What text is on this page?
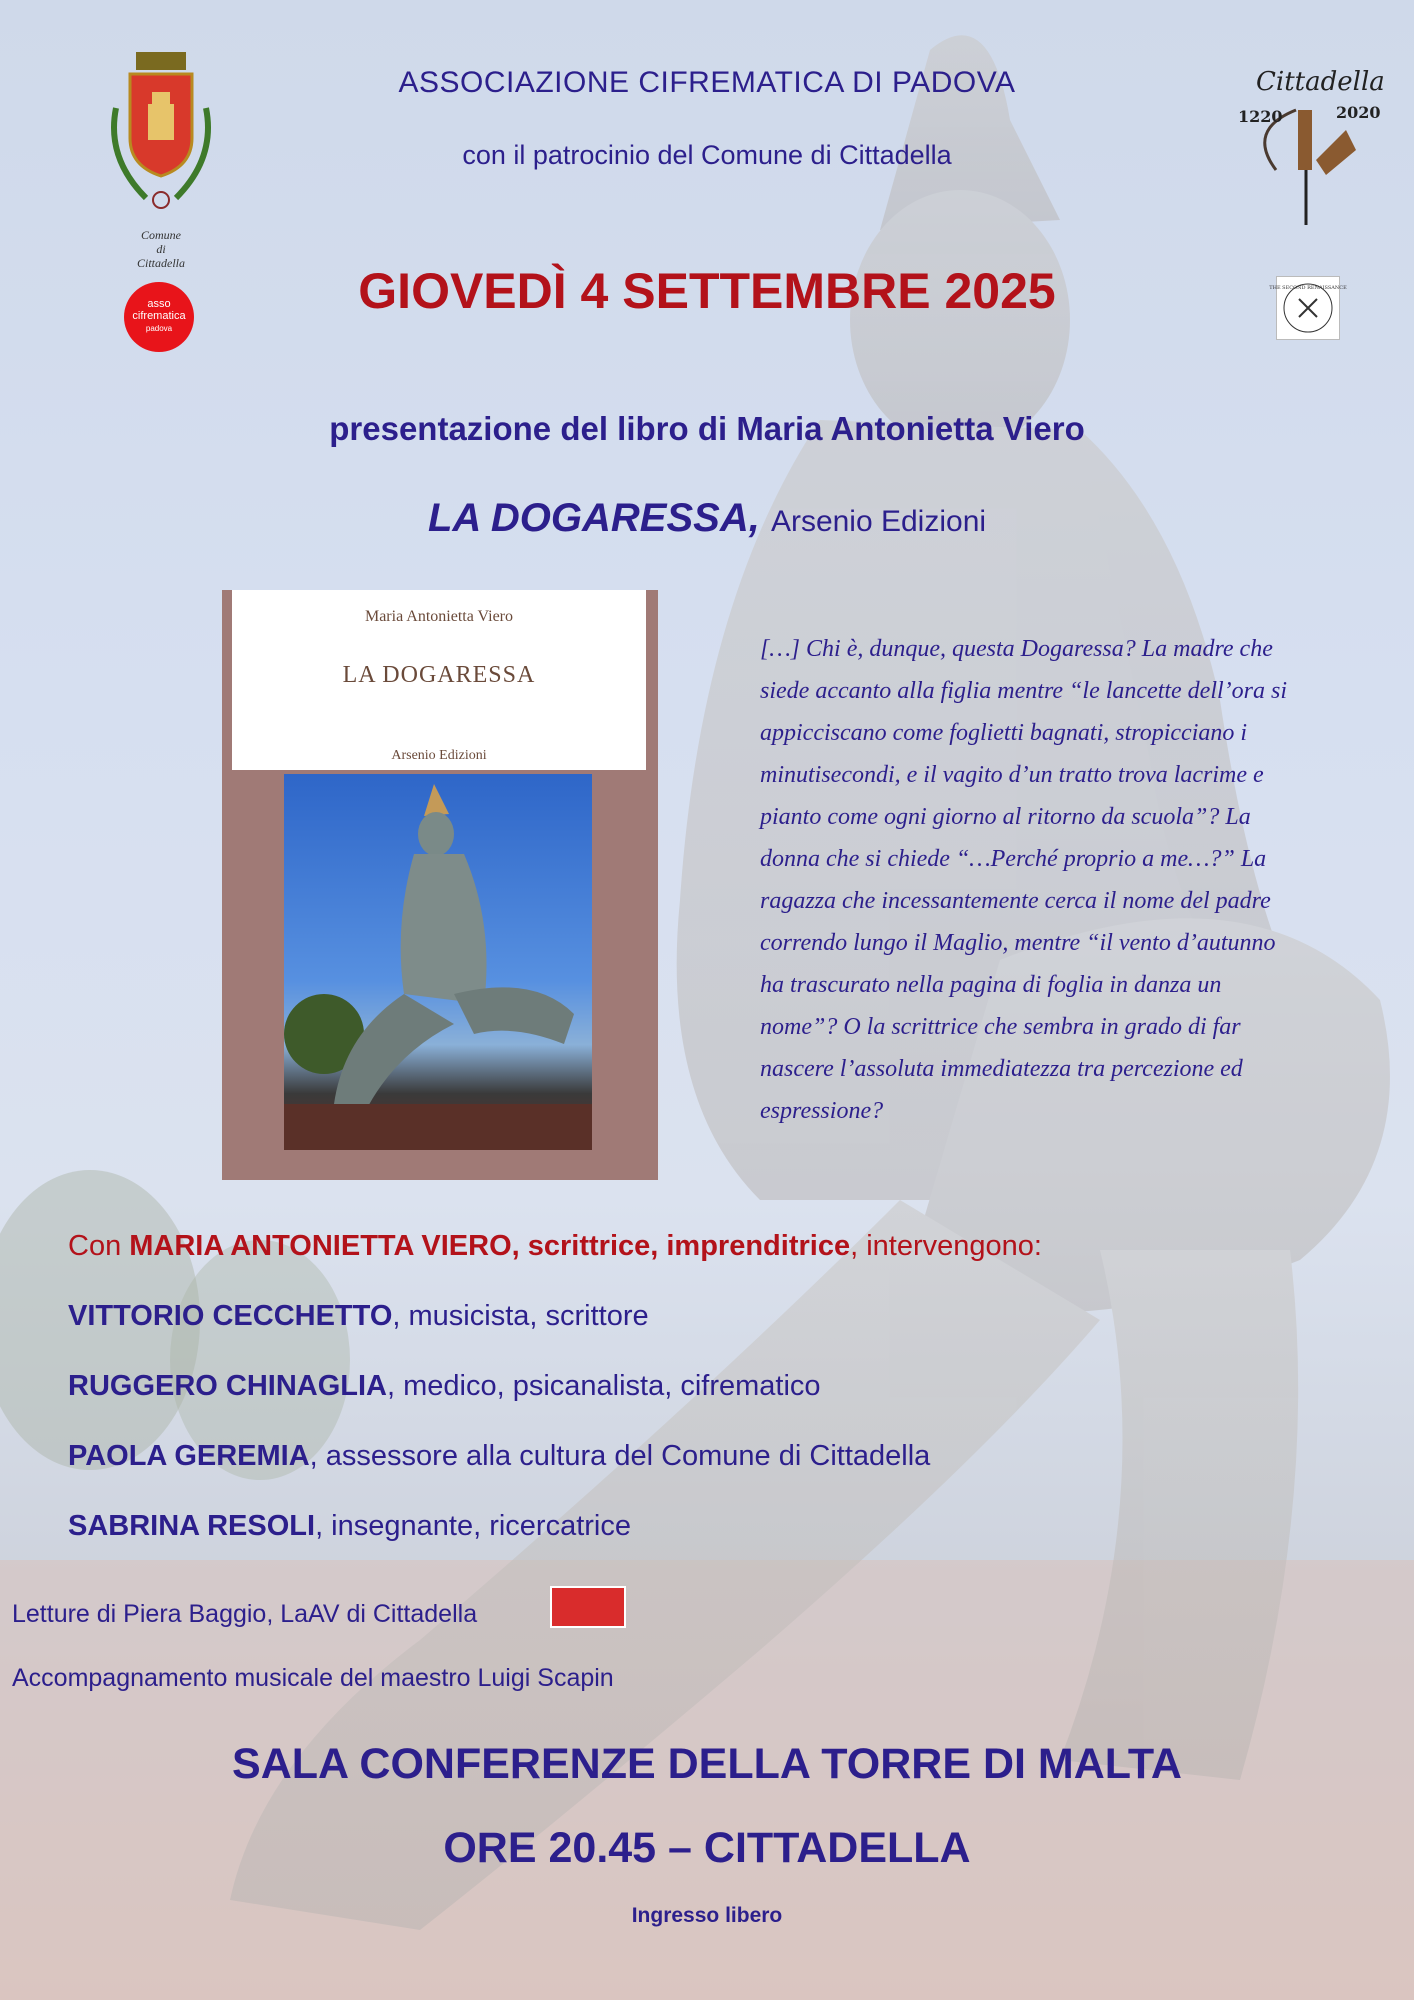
Comune
di
Cittadella
asso
cifrematica
padova
Cittadella
1220	2020
THE SECOND RENAISSANCE
ASSOCIAZIONE CIFREMATICA DI PADOVA
con il patrocinio del Comune di Cittadella
GIOVEDÌ 4 SETTEMBRE 2025
presentazione del libro di Maria Antonietta Viero
LA DOGARESSA, Arsenio Edizioni
Maria Antonietta Viero
LA DOGARESSA
Arsenio Edizioni
[…] Chi è, dunque, questa Dogaressa? La madre che siede accanto alla figlia mentre “le lancette dell’ora si appicciscano come foglietti bagnati, stropicciano i minutisecondi, e il vagito d’un tratto trova lacrime e pianto come ogni giorno al ritorno da scuola”? La donna che si chiede “…Perché proprio a me…?” La ragazza che incessantemente cerca il nome del padre correndo lungo il Maglio, mentre “il vento d’autunno ha trascurato nella pagina di foglia in danza un nome”? O la scrittrice che sembra in grado di far nascere l’assoluta immediatezza tra percezione ed espressione?
Con MARIA ANTONIETTA VIERO, scrittrice, imprenditrice, intervengono:
VITTORIO CECCHETTO, musicista, scrittore
RUGGERO CHINAGLIA, medico, psicanalista, cifrematico
PAOLA GEREMIA, assessore alla cultura del Comune di Cittadella
SABRINA RESOLI, insegnante, ricercatrice
Letture di Piera Baggio, LaAV di Cittadella
Accompagnamento musicale del maestro Luigi Scapin
SALA CONFERENZE DELLA TORRE DI MALTA
ORE 20.45 – CITTADELLA
Ingresso libero
